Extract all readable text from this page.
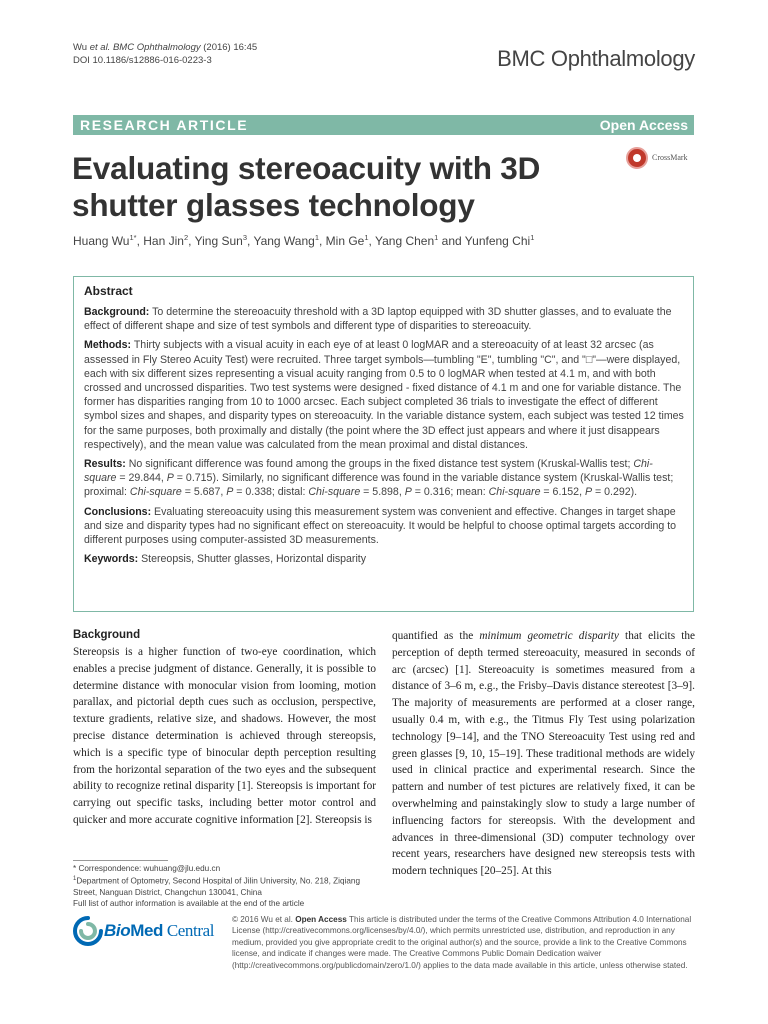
Wu et al. BMC Ophthalmology (2016) 16:45
DOI 10.1186/s12886-016-0223-3	BMC Ophthalmology
RESEARCH ARTICLE	Open Access
Evaluating stereoacuity with 3D shutter glasses technology
CrossMark
Huang $Wu^{1*}$, Han Jin$^2$, Ying Sun$^3$, Yang Wang$^1$, Min Ge$^1$, Yang Chen$^1$ and Yunfeng Chi$^1$
Abstract

Background: To determine the stereoacuity threshold with a 3D laptop equipped with 3D shutter glasses, and to evaluate the effect of different shape and size of test symbols and different type of disparities to stereoacuity.

Methods: Thirty subjects with a visual acuity in each eye of at least 0 logMAR and a stereoacuity of at least 32 arcsec (as assessed in Fly Stereo Acuity Test) were recruited. Three target symbols—tumbling "E", tumbling "C", and "□"—were displayed, each with six different sizes representing a visual acuity ranging from 0.5 to 0 logMAR when tested at 4.1 m, and with both crossed and uncrossed disparities. Two test systems were designed - fixed distance of 4.1 m and one for variable distance. The former has disparities ranging from 10 to 1000 arcsec. Each subject completed 36 trials to investigate the effect of different symbol sizes and shapes, and disparity types on stereoacuity. In the variable distance system, each subject was tested 12 times for the same purposes, both proximally and distally (the point where the 3D effect just appears and where it just disappears respectively), and the mean value was calculated from the mean proximal and distal distances.

Results: No significant difference was found among the groups in the fixed distance test system (Kruskal-Wallis test; Chi-square = 29.844, P = 0.715). Similarly, no significant difference was found in the variable distance system (Kruskal-Wallis test; proximal: Chi-square = 5.687, P = 0.338; distal: Chi-square = 5.898, P = 0.316; mean: Chi-square = 6.152, P = 0.292).

Conclusions: Evaluating stereoacuity using this measurement system was convenient and effective. Changes in target shape and size and disparity types had no significant effect on stereoacuity. It would be helpful to choose optimal targets according to different purposes using computer-assisted 3D measurements.

Keywords: Stereopsis, Shutter glasses, Horizontal disparity

Background

Stereopsis is a higher function of two-eye coordination, which enables a precise judgment of distance. Generally, it is possible to determine distance with monocular vision from looming, motion parallax, and pictorial depth cues such as occlusion, perspective, texture gradients, relative size, and shadows. However, the most precise distance determination is achieved through stereopsis, which is a specific type of binocular depth perception resulting from the horizontal separation of the two eyes and the subsequent ability to recognize retinal disparity [1]. Stereopsis is important for carrying out specific tasks, including better motor control and quicker and more accurate cognitive information [2]. Stereopsis is

quantified as the minimum geometric disparity that elicits the perception of depth termed stereoacuity, measured in seconds of arc (arcsec) [1]. Stereoacuity is sometimes measured from a distance of 3–6 m, e.g., the Frisby–Davis distance stereotest [3–9]. The majority of measurements are performed at a closer range, usually 0.4 m, with e.g., the Titmus Fly Test using polarization technology [9–14], and the TNO Stereoacuity Test using red and green glasses [9, 10, 15–19]. These traditional methods are widely used in clinical practice and experimental research. Since the pattern and number of test pictures are relatively fixed, it can be overwhelming and painstakingly slow to study a large number of influencing factors for stereopsis. With the development and advances in three-dimensional (3D) computer technology over recent years, researchers have designed new stereopsis tests with modern techniques [20–25]. At this

* Correspondence: wuhuang@jlu.edu.cn
$^1$Department of Optometry, Second Hospital of Jilin University, No. 218, Ziqiang Street, Nanguan District, Changchun 130041, China
Full list of author information is available at the end of the article
BioMed Central
© 2016 Wu et al. Open Access This article is distributed under the terms of the Creative Commons Attribution 4.0 International License (http://creativecommons.org/licenses/by/4.0/), which permits unrestricted use, distribution, and reproduction in any medium, provided you give appropriate credit to the original author(s) and the source, provide a link to the Creative Commons license, and indicate if changes were made. The Creative Commons Public Domain Dedication waiver (http://creativecommons.org/publicdomain/zero/1.0/) applies to the data made available in this article, unless otherwise stated.
